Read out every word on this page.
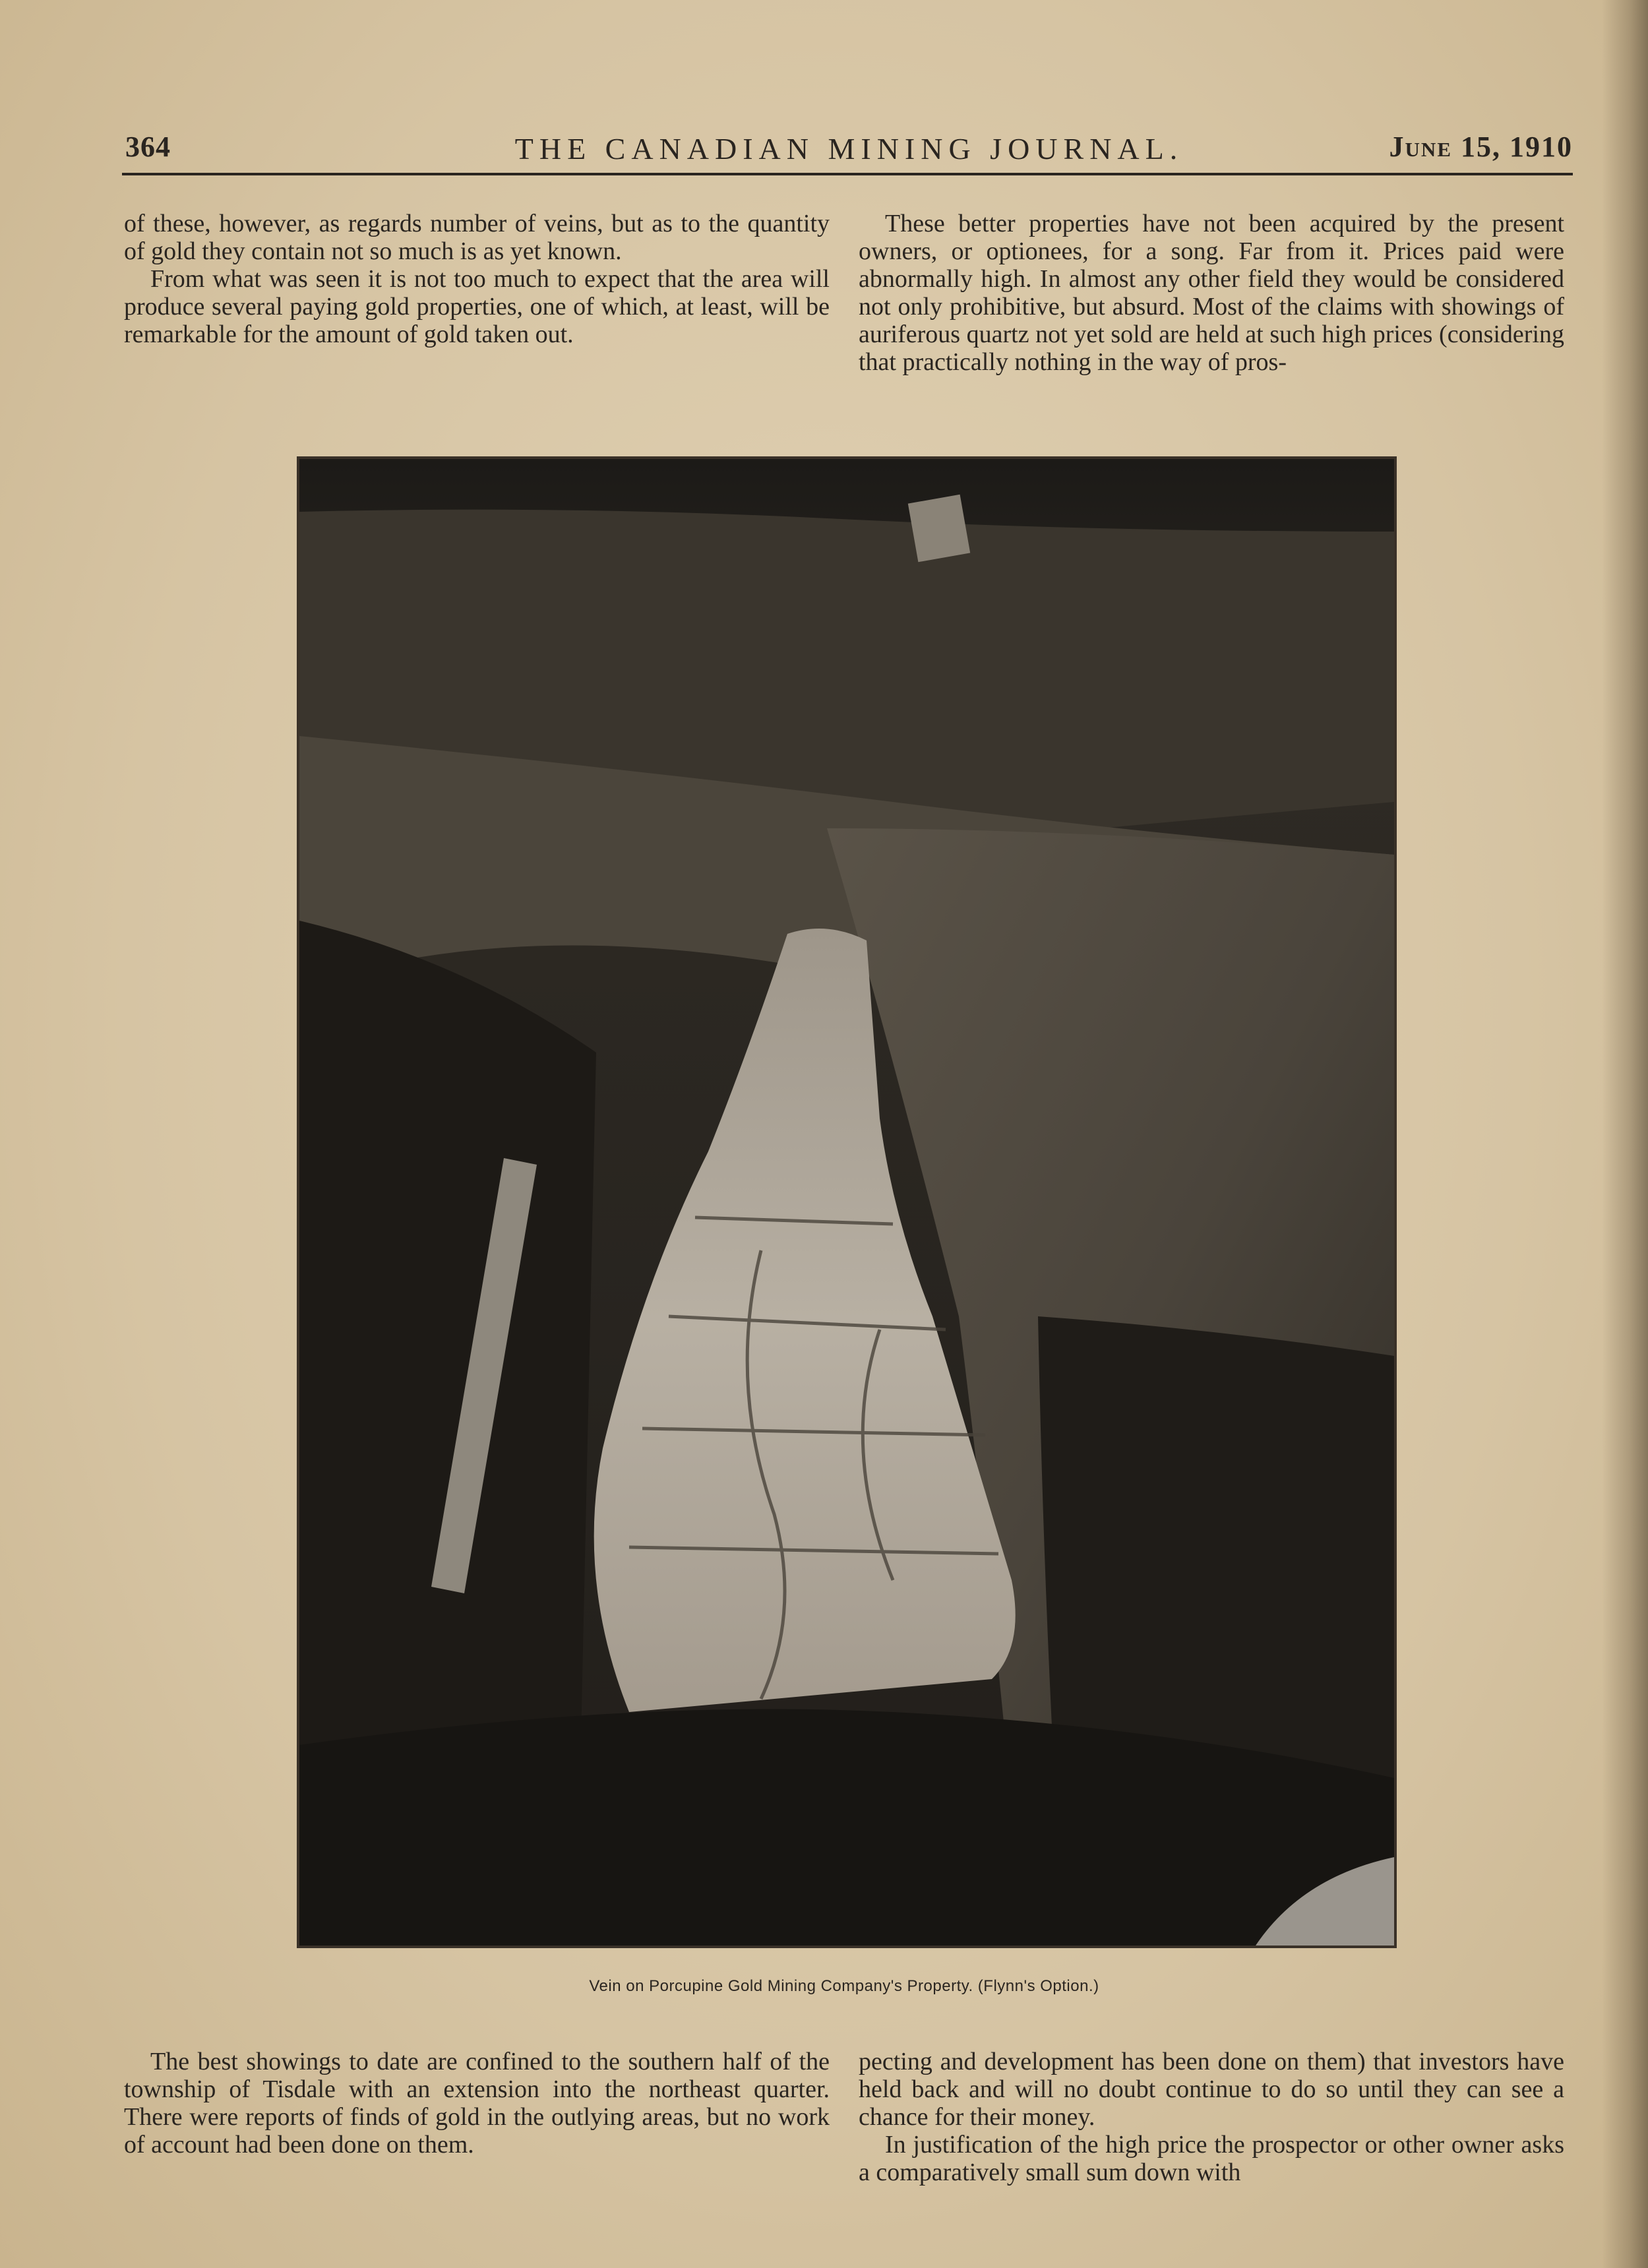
364	THE CANADIAN MINING JOURNAL.	June 15, 1910

of these, however, as regards number of veins, but as to the quantity of gold they contain not so much is as yet known.

From what was seen it is not too much to expect that the area will produce several paying gold properties, one of which, at least, will be remarkable for the amount of gold taken out.

These better properties have not been acquired by the present owners, or optionees, for a song. Far from it. Prices paid were abnormally high. In almost any other field they would be considered not only prohibitive, but absurd. Most of the claims with showings of auriferous quartz not yet sold are held at such high prices (considering that practically nothing in the way of pros-

Vein on Porcupine Gold Mining Company's Property. (Flynn's Option.)

The best showings to date are confined to the southern half of the township of Tisdale with an extension into the northeast quarter. There were reports of finds of gold in the outlying areas, but no work of account had been done on them.

pecting and development has been done on them) that investors have held back and will no doubt continue to do so until they can see a chance for their money.

In justification of the high price the prospector or other owner asks a comparatively small sum down with
